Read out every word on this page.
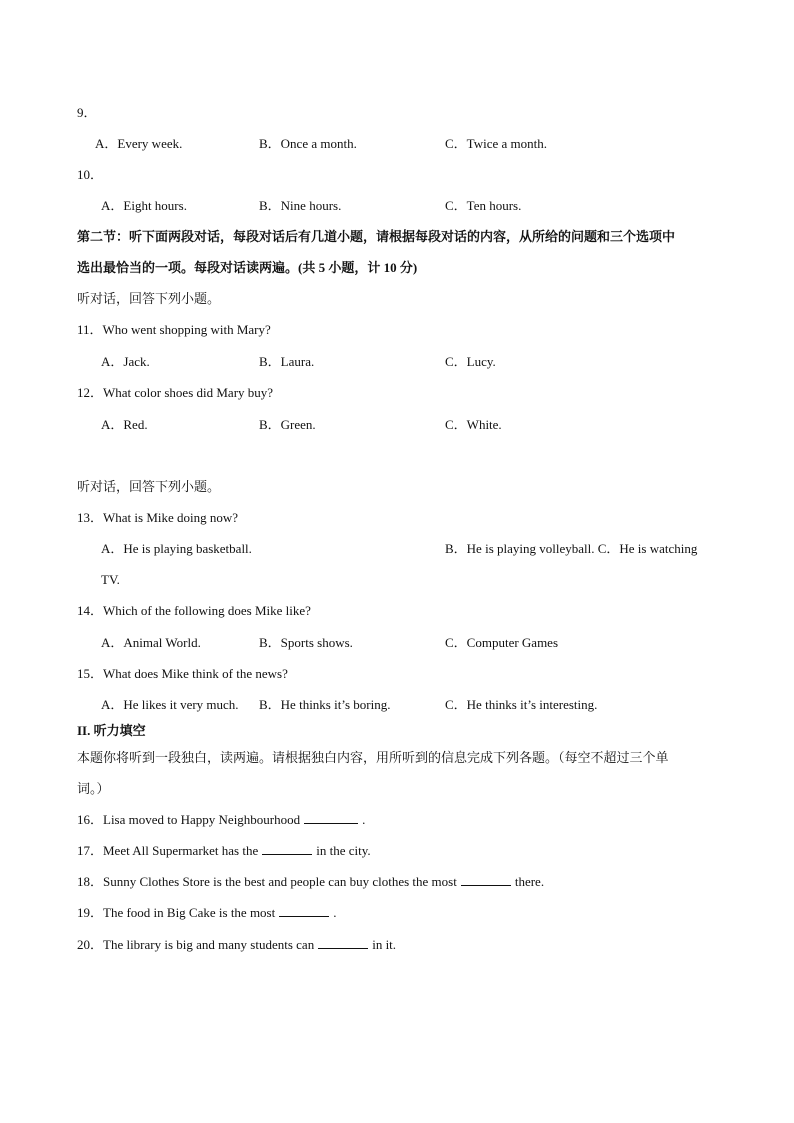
9．
A．Every week.	B．Once a month.	C．Twice a month.
10．
A．Eight hours.	B．Nine hours.	C．Ten hours.
第二节：听下面两段对话，每段对话后有几道小题，请根据每段对话的内容，从所给的问题和三个选项中
选出最恰当的一项。每段对话读两遍。(共 5 小题，计 10 分)
听对话，回答下列小题。
11．Who went shopping with Mary?
A．Jack.	B．Laura.	C．Lucy.
12．What color shoes did Mary buy?
A．Red.	B．Green.	C．White.
听对话，回答下列小题。
13．What is Mike doing now?
A．He is playing basketball.	B．He is playing volleyball. C．He is watching
TV.
14．Which of the following does Mike like?
A．Animal World.	B．Sports shows.	C．Computer Games
15．What does Mike think of the news?
A．He likes it very much. B．He thinks it’s boring.	C．He thinks it’s interesting.
II. 听力填空
本题你将听到一段独白，读两遍。请根据独白内容，用所听到的信息完成下列各题。（每空不超过三个单
词。）
16．Lisa moved to Happy Neighbourhood	.
17．Meet All Supermarket has the	in the city.
18．Sunny Clothes Store is the best and people can buy clothes the most	there.
19．The food in Big Cake is the most	.
20．The library is big and many students can	in it.
